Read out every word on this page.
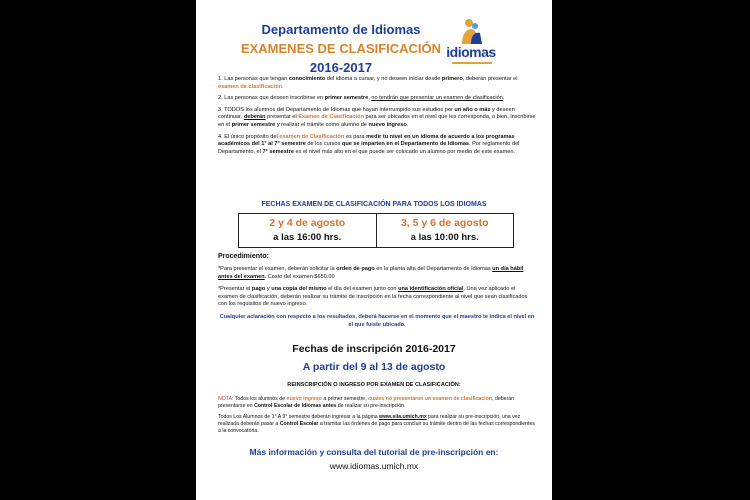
Departamento de Idiomas
EXAMENES DE CLASIFICACIÓN
2016-2017
idiomas

1. Las personas que tengan conocimiento del idioma a cursar, y no deseen iniciar desde primero, deberán presentar el examen de clasificación.

2. Las personas que deseen inscribirse en primer semestre, no tendrán que presentar un examen de clasificación.

3. TODOS los alumnos del Departamento de Idiomas que hayan interrumpido sus estudios por un año o más y deseen continuar, deberán presentar el Examen de Clasificación para ser ubicados en el nivel que les corresponda, o bien, inscribirse en el primer semestre y realizar el trámite como alumno de nuevo ingreso.

4. El único propósito del examen de Clasificación es para medir tu nivel en un idioma de acuerdo a los programas académicos del 1° al 7° semestre de los cursos que se imparten en el Departamento de Idiomas. Por reglamento del Departamento, el 7° semestre es el nivel más alto en el que puede ser colocado un alumno por medio de este examen.

FECHAS EXAMEN DE CLASIFICACIÓN PARA TODOS LOS IDIOMAS
2 y 4 de agosto
a las 16:00 hrs.
3, 5 y 6 de agosto
a las 10:00 hrs.
Procedimiento:

*Para presentar el examen, deberán solicitar la orden de pago en la planta alta del Departamento de Idiomas un día hábil antes del examen. Costo del examen $650.00

*Presentar el pago y una copia del mismo el día del examen junto con una identificación oficial. Una vez aplicado el examen de clasificación, deberán realizar su trámite de inscripción en la fecha correspondiente al nivel que sean clasificados con los requisitos de nuevo ingreso.

Cualquier aclaración con respecto a los resultados, deberá hacerse en el momento que el maestro te indica el nivel en el que fuiste ubicado.

Fechas de inscripción 2016-2017
A partir del 9 al 13 de agosto
REINSCRIPCIÓN O INGRESO POR EXAMEN DE CLASIFICACIÓN:

NOTA: Todos los alumnos de nuevo ingreso a primer semestre, cuales no presentaron un examen de clasificación, deberán presentarse en Control Escolar de Idiomas antes de realizar su pre-inscripción.

Todos Los Alumnos de 1° A 9° semestre deberán ingresar a la página www.siia.umich.mx para realizar su pre-inscripción, una vez realizada deberán pasar a Control Escolar a tramitar las órdenes de pago para concluir su trámite dentro de las fechas correspondientes a la convocatoria.

Más información y consulta del tutorial de pre-inscripción en:
www.idiomas.umich.mx
